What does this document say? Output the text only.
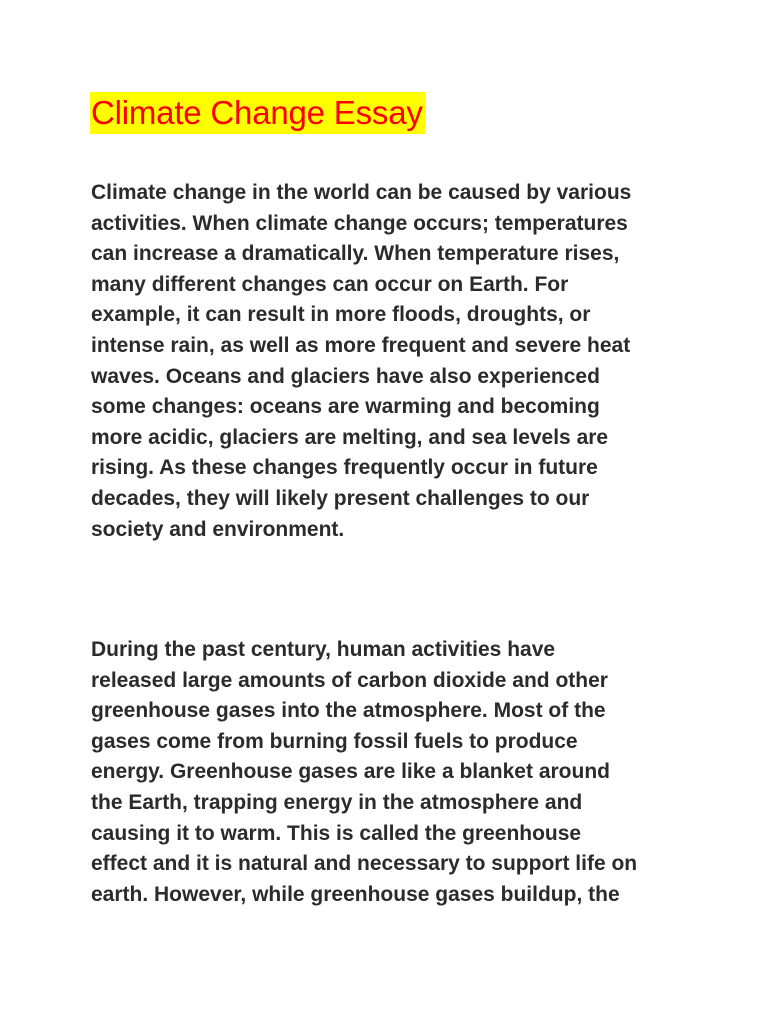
Climate Change Essay

Climate change in the world can be caused by various
activities. When climate change occurs; temperatures
can increase a dramatically. When temperature rises,
many different changes can occur on Earth. For
example, it can result in more floods, droughts, or
intense rain, as well as more frequent and severe heat
waves. Oceans and glaciers have also experienced
some changes: oceans are warming and becoming
more acidic, glaciers are melting, and sea levels are
rising. As these changes frequently occur in future
decades, they will likely present challenges to our
society and environment.

During the past century, human activities have
released large amounts of carbon dioxide and other
greenhouse gases into the atmosphere. Most of the
gases come from burning fossil fuels to produce
energy. Greenhouse gases are like a blanket around
the Earth, trapping energy in the atmosphere and
causing it to warm. This is called the greenhouse
effect and it is natural and necessary to support life on
earth. However, while greenhouse gases buildup, the
